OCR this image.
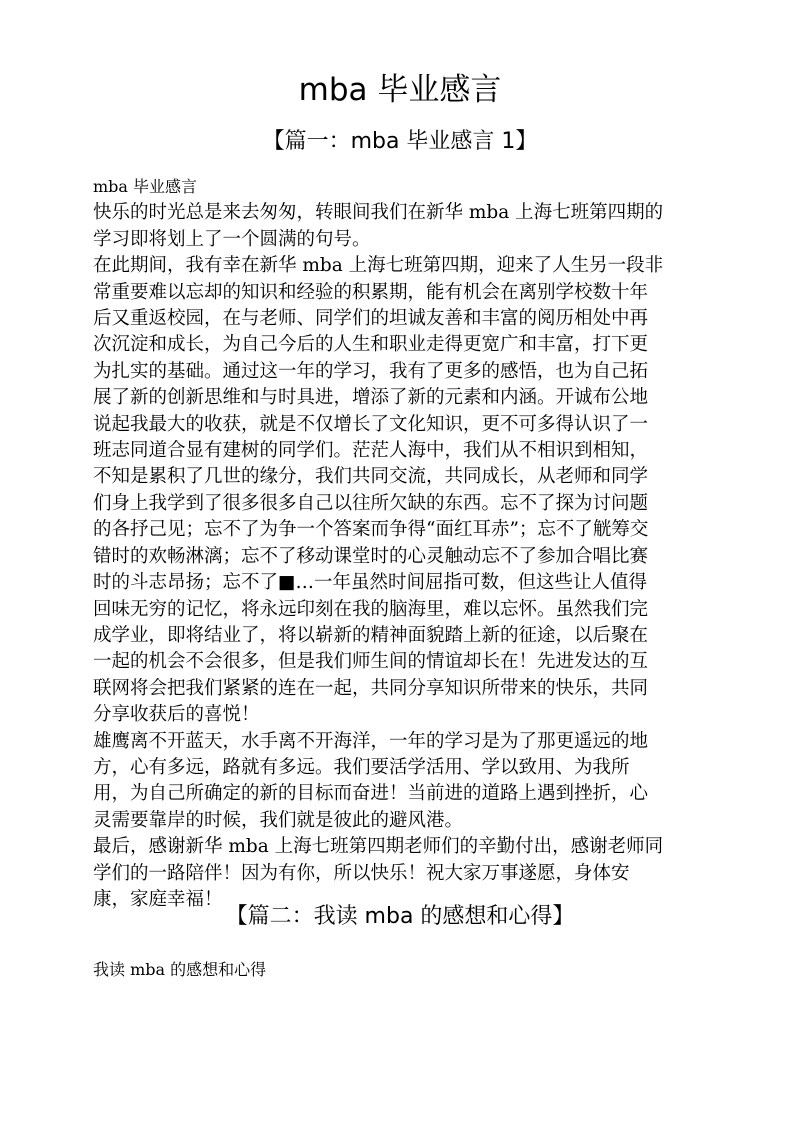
mba 毕业感言
【篇一：mba 毕业感言 1】
mba 毕业感言
快乐的时光总是来去匆匆，转眼间我们在新华 mba 上海七班第四期的
学习即将划上了一个圆满的句号。
在此期间，我有幸在新华 mba 上海七班第四期，迎来了人生另一段非
常重要难以忘却的知识和经验的积累期，能有机会在离别学校数十年
后又重返校园，在与老师、同学们的坦诚友善和丰富的阅历相处中再
次沉淀和成长，为自己今后的人生和职业走得更宽广和丰富，打下更
为扎实的基础。通过这一年的学习，我有了更多的感悟，也为自己拓
展了新的创新思维和与时具进，增添了新的元素和内涵。开诚布公地
说起我最大的收获，就是不仅增长了文化知识，更不可多得认识了一
班志同道合显有建树的同学们。茫茫人海中，我们从不相识到相知，
不知是累积了几世的缘分，我们共同交流，共同成长，从老师和同学
们身上我学到了很多很多自己以往所欠缺的东西。忘不了探为讨问题
的各抒己见；忘不了为争一个答案而争得“面红耳赤”；忘不了觥筹交
错时的欢畅淋漓；忘不了移动课堂时的心灵触动忘不了参加合唱比赛
时的斗志昂扬；忘不了■…一年虽然时间屈指可数，但这些让人值得
回味无穷的记忆，将永远印刻在我的脑海里，难以忘怀。虽然我们完
成学业，即将结业了，将以崭新的精神面貌踏上新的征途，以后聚在
一起的机会不会很多，但是我们师生间的情谊却长在！先进发达的互
联网将会把我们紧紧的连在一起，共同分享知识所带来的快乐，共同
分享收获后的喜悦！
雄鹰离不开蓝天，水手离不开海洋，一年的学习是为了那更遥远的地
方，心有多远，路就有多远。我们要活学活用、学以致用、为我所
用，为自己所确定的新的目标而奋进！当前进的道路上遇到挫折，心
灵需要靠岸的时候，我们就是彼此的避风港。
最后，感谢新华 mba 上海七班第四期老师们的辛勤付出，感谢老师同
学们的一路陪伴！因为有你，所以快乐！祝大家万事遂愿，身体安
康，家庭幸福！
【篇二：我读 mba 的感想和心得】
我读 mba 的感想和心得
